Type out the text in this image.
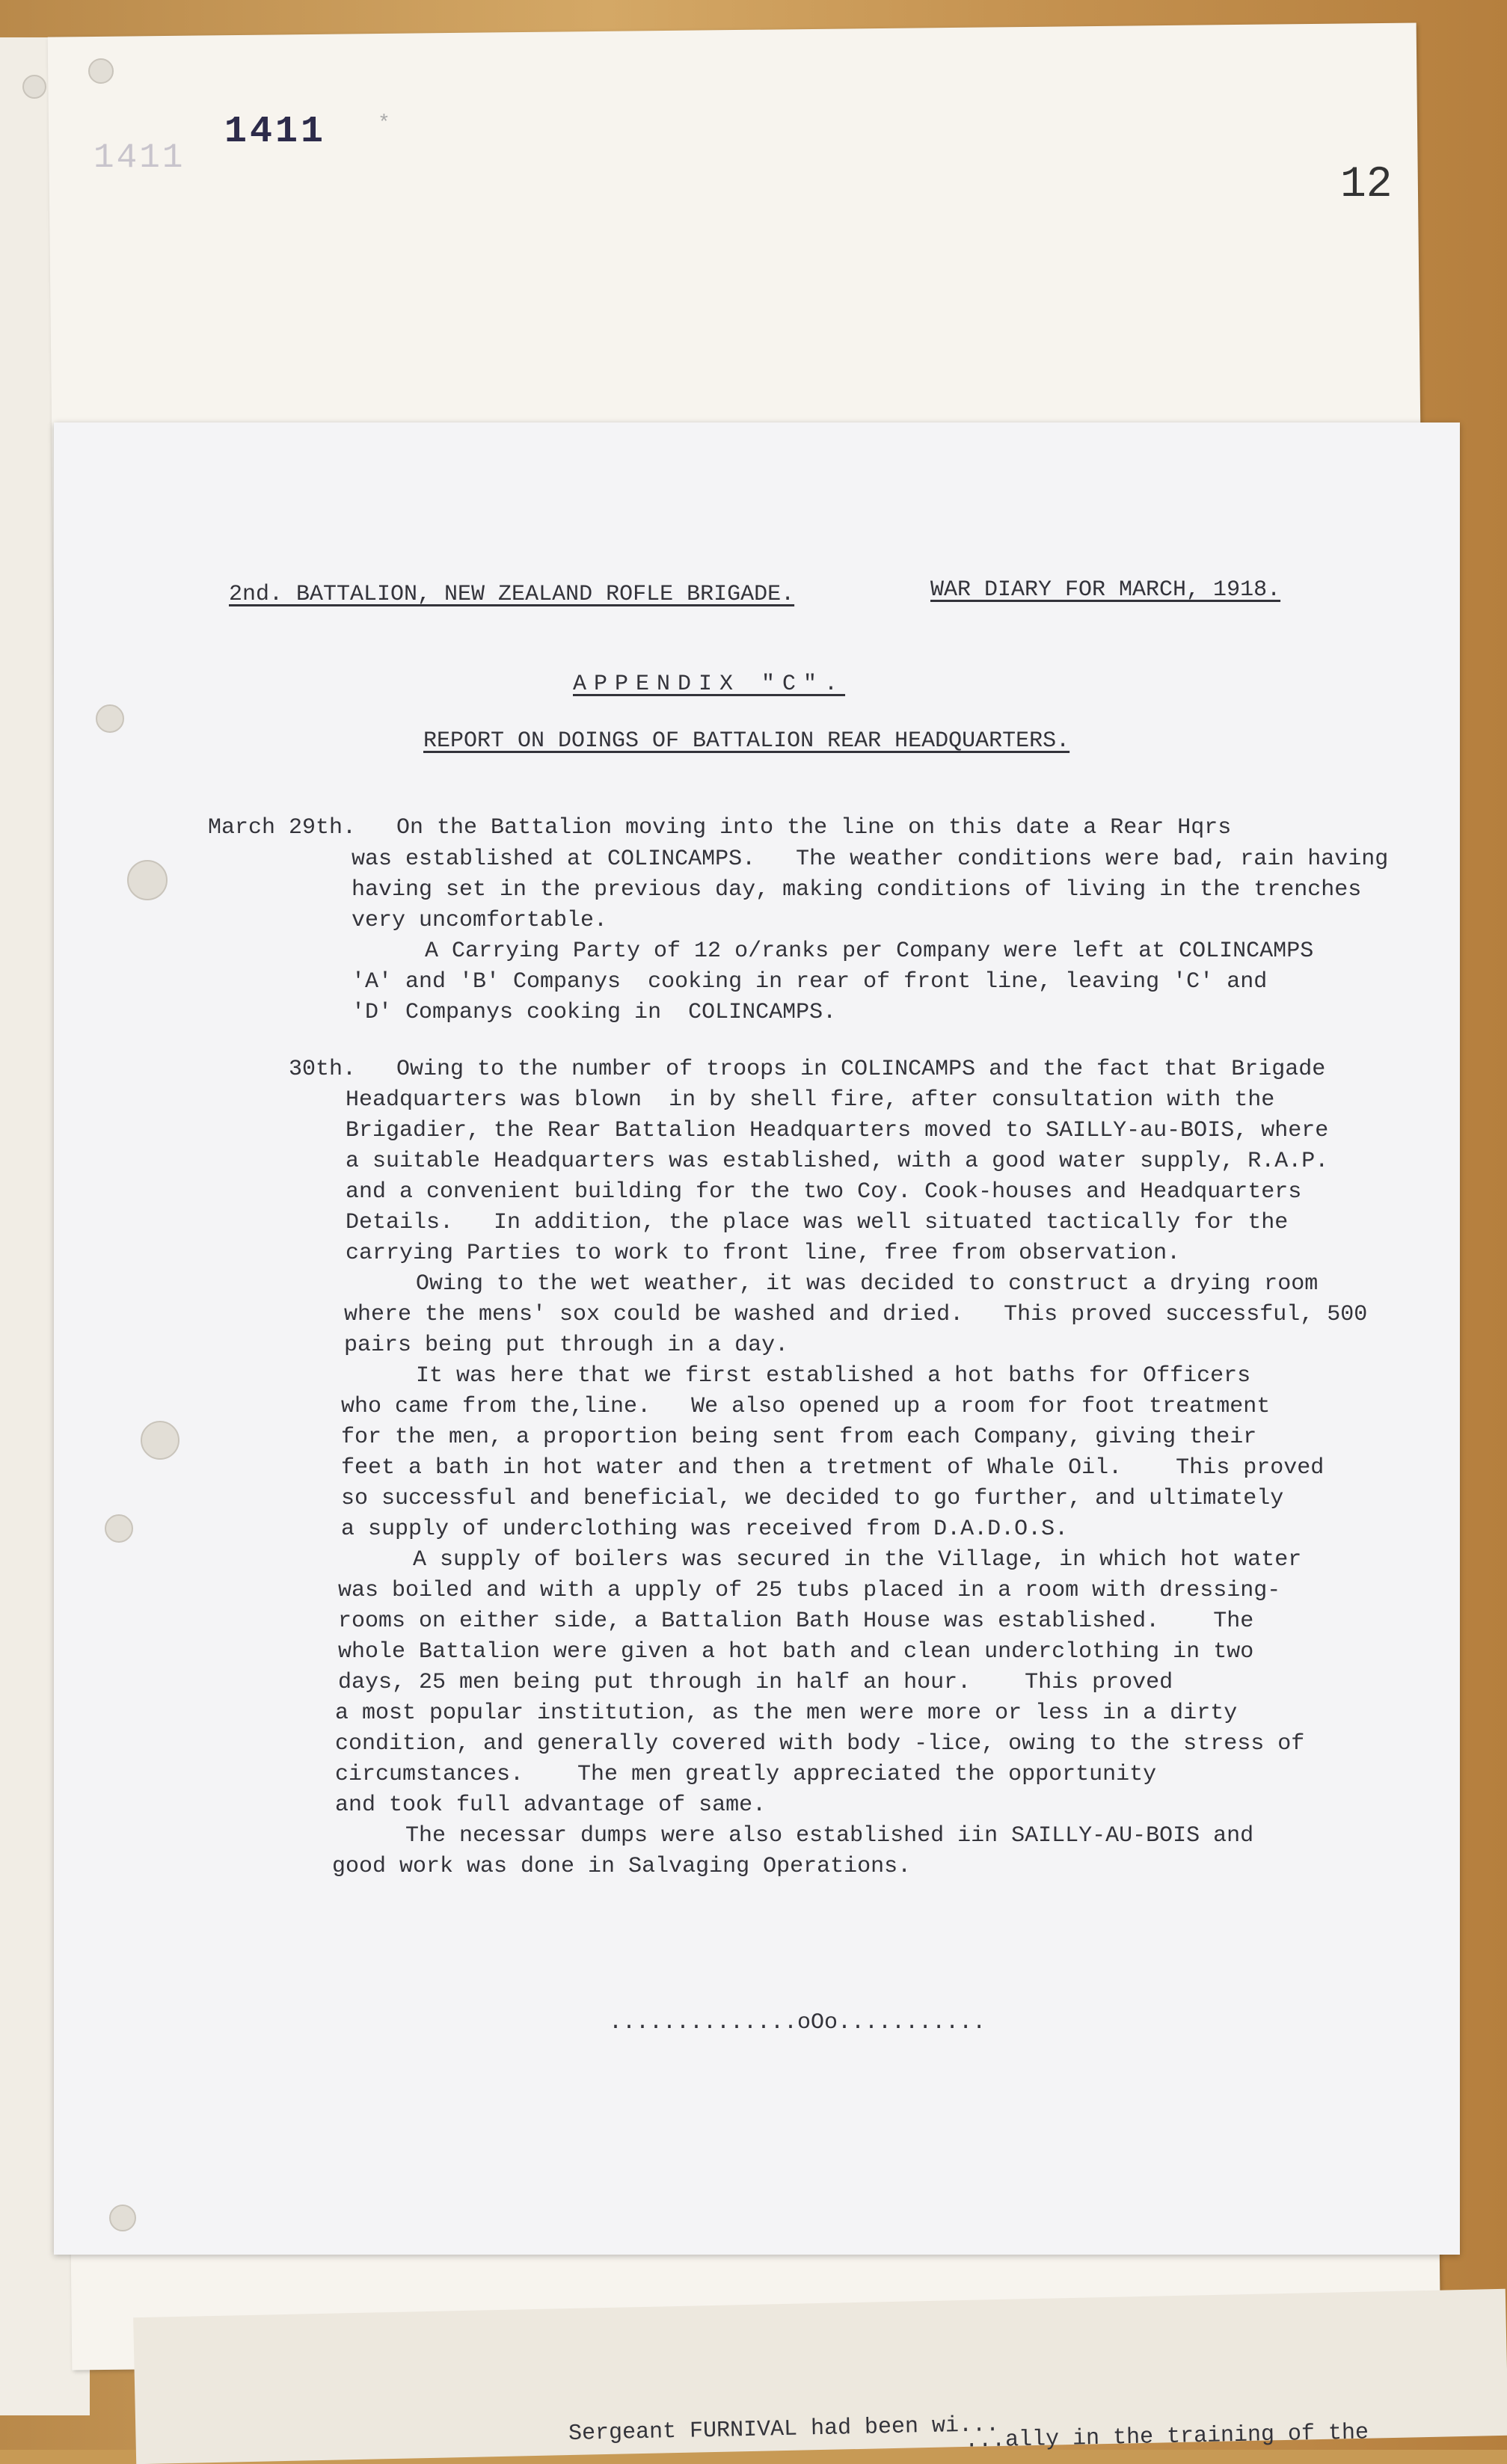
1411
1411 *
12
2nd. BATTALION, NEW ZEALAND ROFLE BRIGADE.	WAR DIARY FOR MARCH, 1918.
APPENDIX "C".
REPORT ON DOINGS OF BATTALION REAR HEADQUARTERS.
March 29th.   On the Battalion moving into the line on this date a Rear Hqrs
was established at COLINCAMPS.   The weather conditions were bad, rain having
having set in the previous day, making conditions of living in the trenches
very uncomfortable.
A Carrying Party of 12 o/ranks per Company were left at COLINCAMPS
'A' and 'B' Companys  cooking in rear of front line, leaving 'C' and
'D' Companys cooking in  COLINCAMPS.
30th.   Owing to the number of troops in COLINCAMPS and the fact that Brigade
Headquarters was blown  in by shell fire, after consultation with the
Brigadier, the Rear Battalion Headquarters moved to SAILLY-au-BOIS, where
a suitable Headquarters was established, with a good water supply, R.A.P.
and a convenient building for the two Coy. Cook-houses and Headquarters
Details.   In addition, the place was well situated tactically for the
carrying Parties to work to front line, free from observation.
Owing to the wet weather, it was decided to construct a drying room
where the mens' sox could be washed and dried.   This proved successful, 500
pairs being put through in a day.
It was here that we first established a hot baths for Officers
who came from the,line.   We also opened up a room for foot treatment
for the men, a proportion being sent from each Company, giving their
feet a bath in hot water and then a tretment of Whale Oil.    This proved
so successful and beneficial, we decided to go further, and ultimately
a supply of underclothing was received from D.A.D.O.S.
A supply of boilers was secured in the Village, in which hot water
was boiled and with a upply of 25 tubs placed in a room with dressing-
rooms on either side, a Battalion Bath House was established.    The
whole Battalion were given a hot bath and clean underclothing in two
days, 25 men being put through in half an hour.    This proved
a most popular institution, as the men were more or less in a dirty
condition, and generally covered with body -lice, owing to the stress of
circumstances.    The men greatly appreciated the opportunity
and took full advantage of same.
The necessar dumps were also established iin SAILLY-AU-BOIS and
good work was done in Salvaging Operations.
..............oOo...........
Sergeant FURNIVAL had been wi...
...ally in the training of the
